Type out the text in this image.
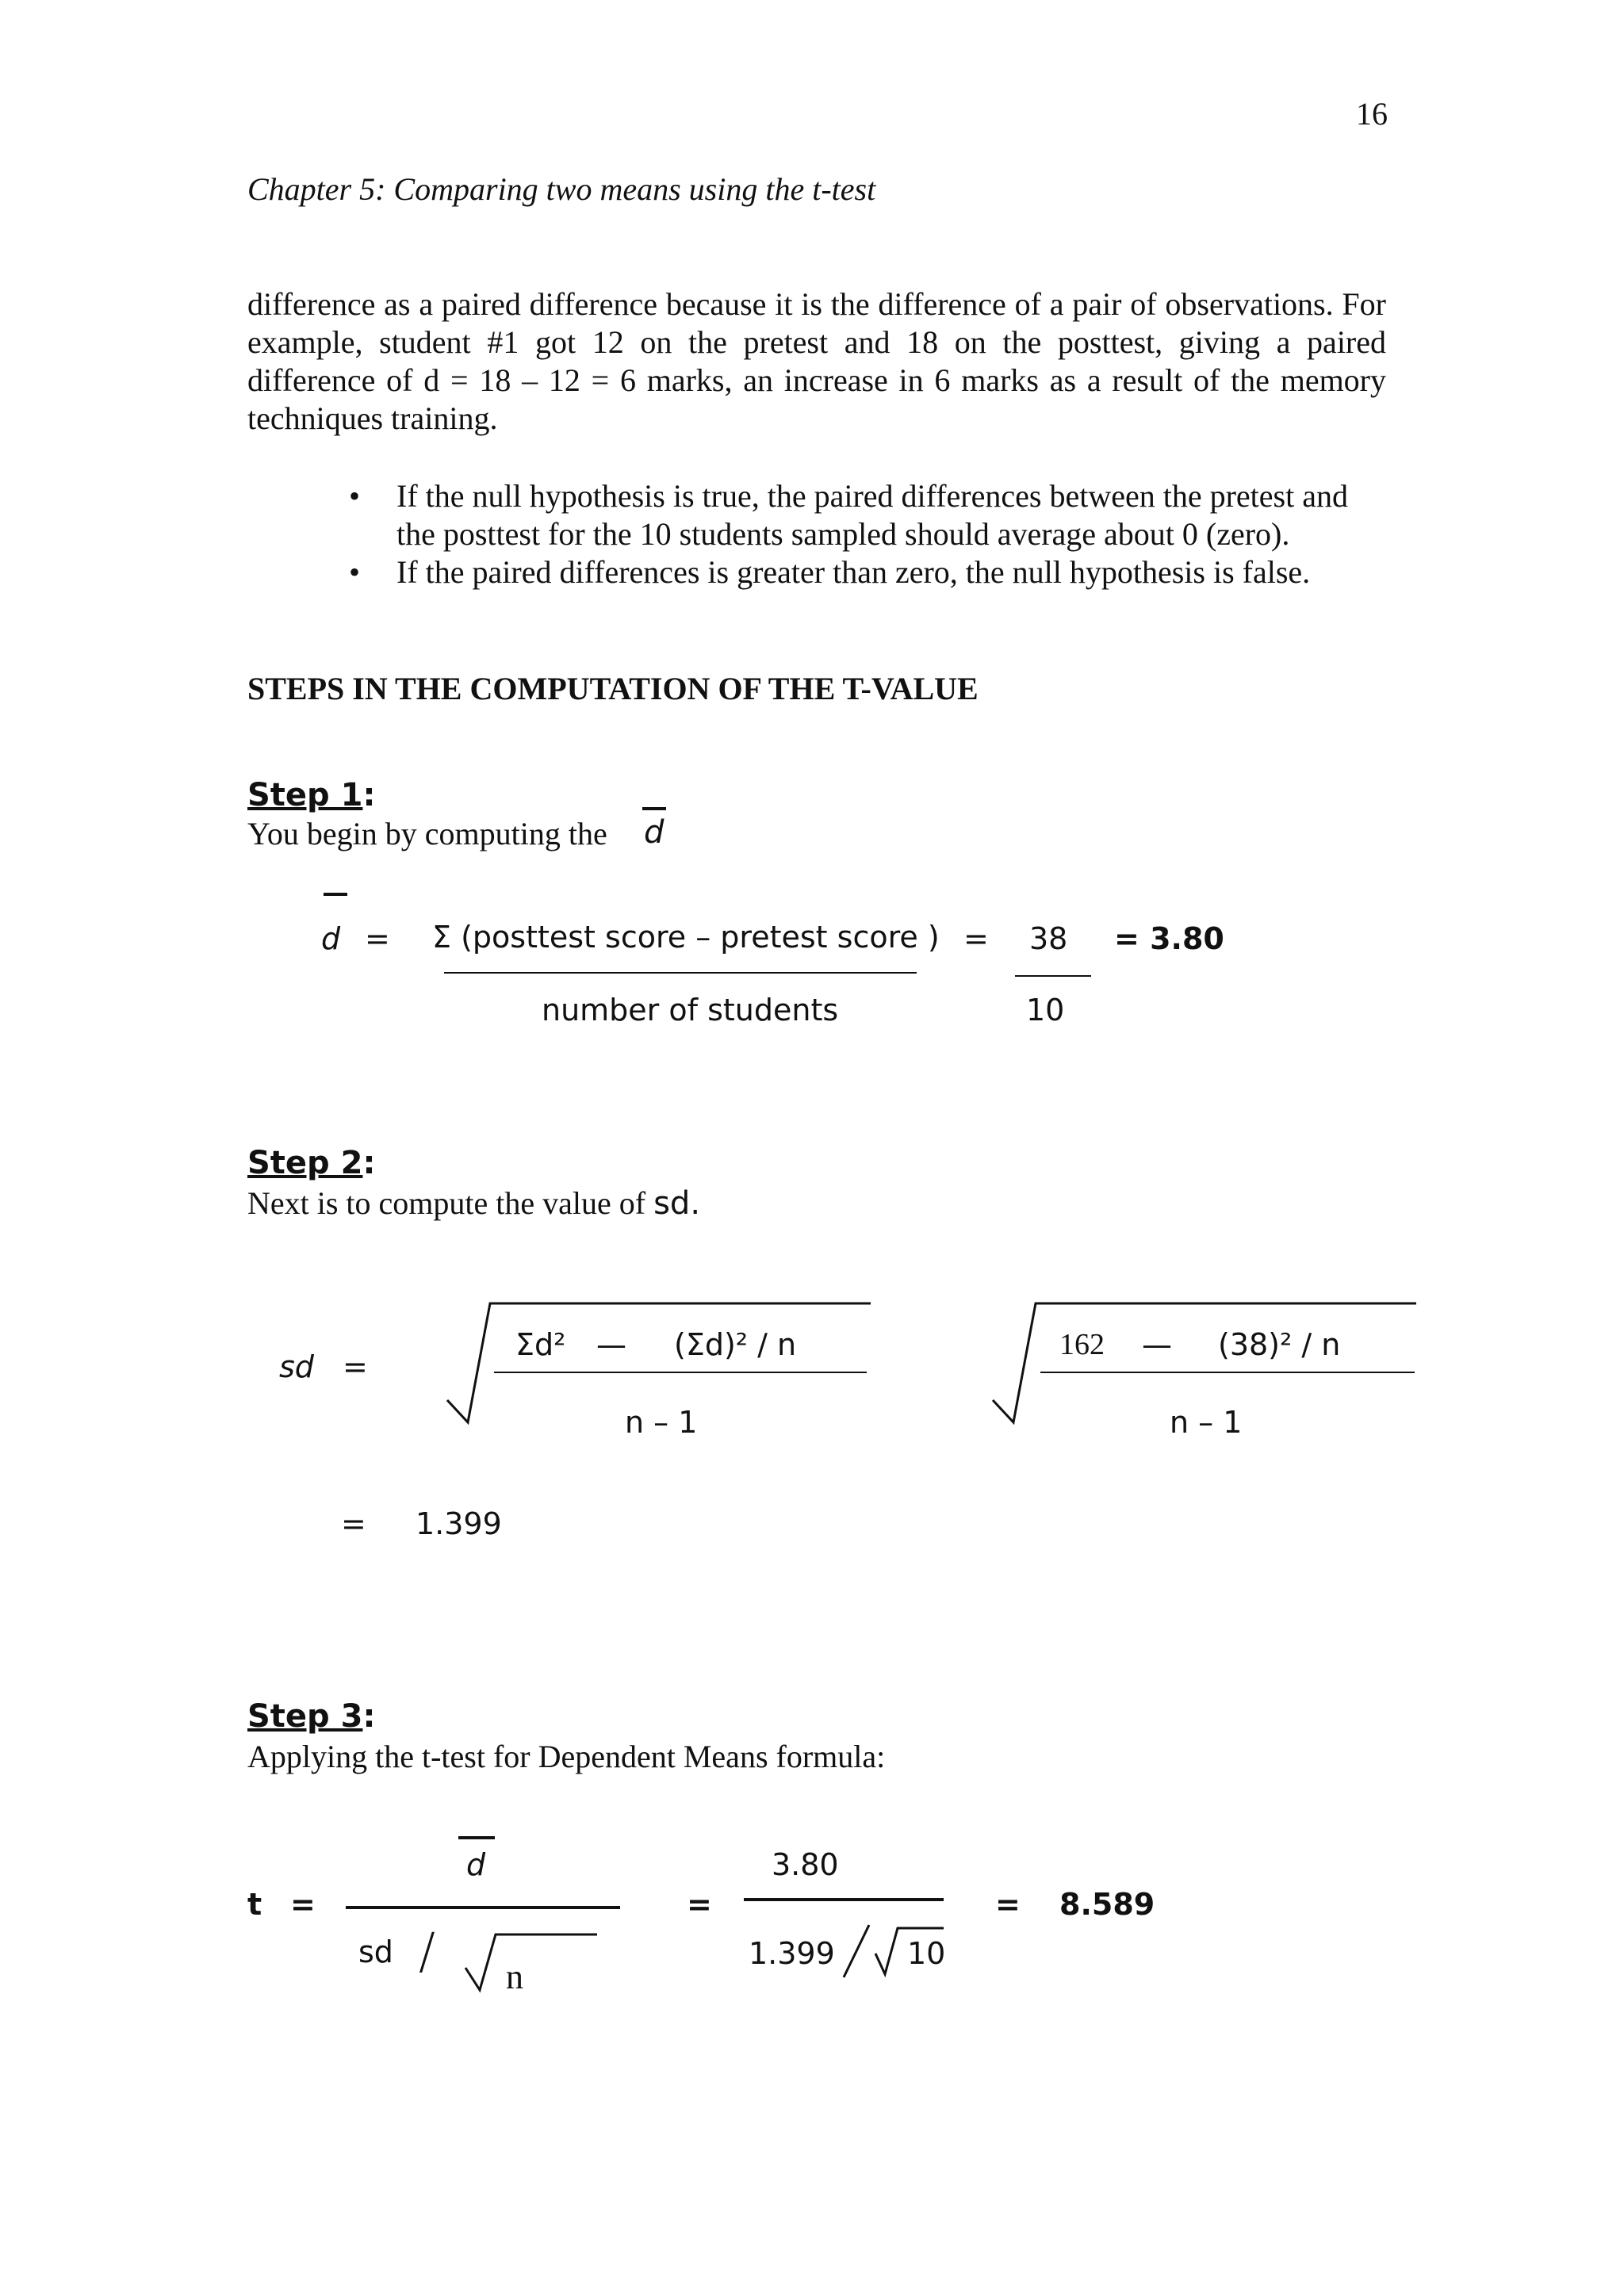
16
Chapter 5: Comparing two means using the t-test

difference as a paired difference because it is the difference of a pair of observations. For example, student #1 got 12 on the pretest and 18 on the posttest, giving a paired difference of d = 18 – 12 = 6 marks, an increase in 6 marks as a result of the memory techniques training.

• If the null hypothesis is true, the paired differences between the pretest and the posttest for the 10 students sampled should average about 0 (zero).
• If the paired differences is greater than zero, the null hypothesis is false.
STEPS IN THE COMPUTATION OF THE T-VALUE
Step 1:
You begin by computing the d
d = Σ (posttest score – pretest score )
number of students
= 38
10
= 3.80
Step 2:
Next is to compute the value of sd.
sd =
Σd² — (Σd)² ∕ n
n – 1
162 — (38)² ∕ n
n – 1
= 1.399
Step 3:
Applying the t-test for Dependent Means formula:
t =
d
sd / n
=
3.80
1.399 10
= 8.589
